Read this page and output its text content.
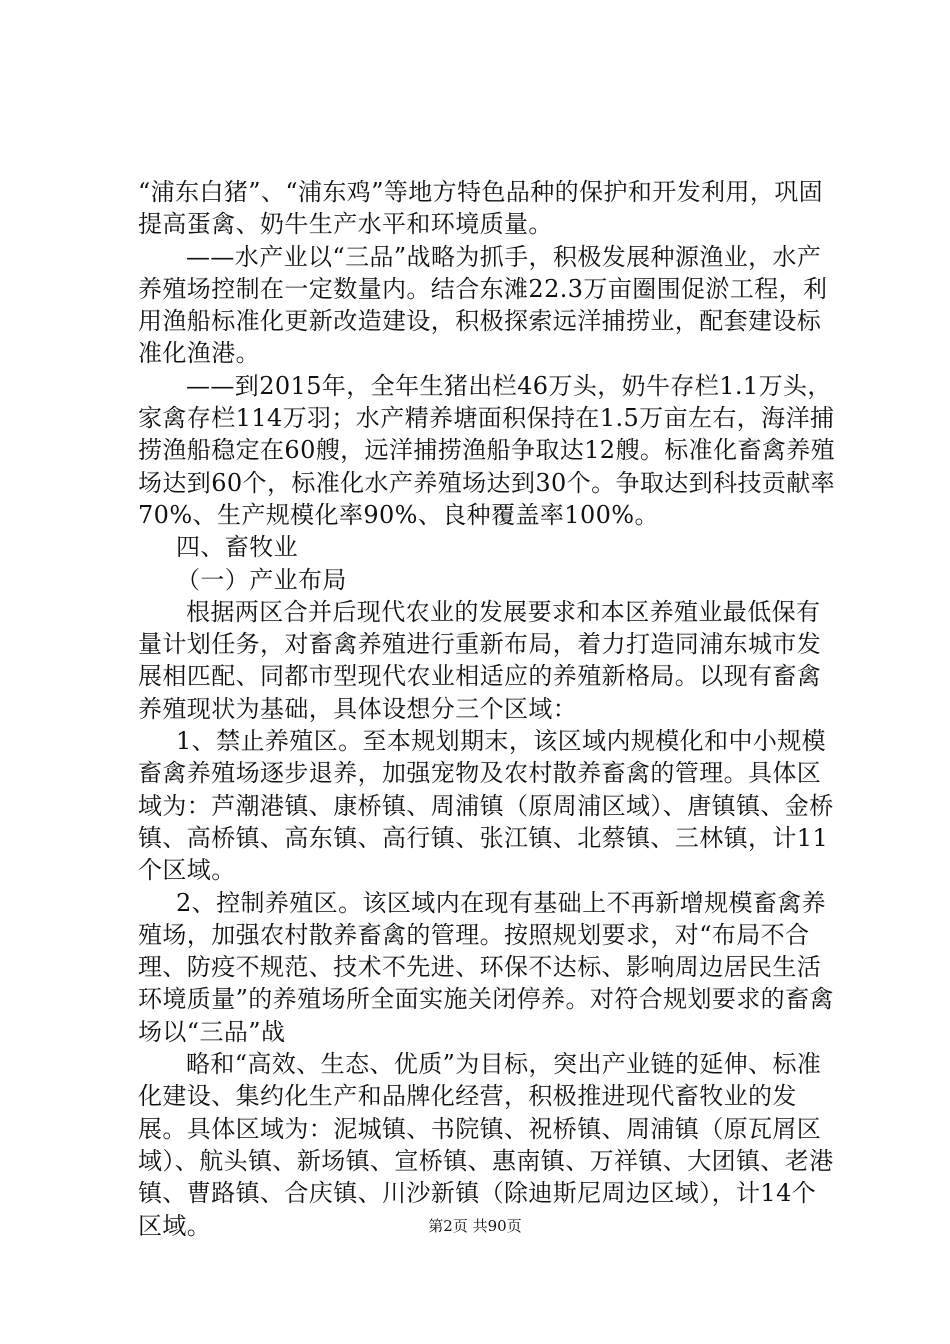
“浦东白猪”、“浦东鸡”等地方特色品种的保护和开发利用，巩固提高蛋禽、奶牛生产水平和环境质量。

——水产业以“三品”战略为抓手，积极发展种源渔业，水产养殖场控制在一定数量内。结合东滩22.3万亩圈围促淤工程，利用渔船标准化更新改造建设，积极探索远洋捕捞业，配套建设标准化渔港。

——到2015年，全年生猪出栏46万头，奶牛存栏1.1万头，家禽存栏114万羽；水产精养塘面积保持在1.5万亩左右，海洋捕捞渔船稳定在60艘，远洋捕捞渔船争取达12艘。标准化畜禽养殖场达到60个，标准化水产养殖场达到30个。争取达到科技贡献率70%、生产规模化率90%、良种覆盖率100%。

四、畜牧业

（一）产业布局

根据两区合并后现代农业的发展要求和本区养殖业最低保有量计划任务，对畜禽养殖进行重新布局，着力打造同浦东城市发展相匹配、同都市型现代农业相适应的养殖新格局。以现有畜禽养殖现状为基础，具体设想分三个区域：

1、禁止养殖区。至本规划期末，该区域内规模化和中小规模畜禽养殖场逐步退养，加强宠物及农村散养畜禽的管理。具体区域为：芦潮港镇、康桥镇、周浦镇（原周浦区域）、唐镇镇、金桥镇、高桥镇、高东镇、高行镇、张江镇、北蔡镇、三林镇，计11个区域。

2、控制养殖区。该区域内在现有基础上不再新增规模畜禽养殖场，加强农村散养畜禽的管理。按照规划要求，对“布局不合理、防疫不规范、技术不先进、环保不达标、影响周边居民生活环境质量”的养殖场所全面实施关闭停养。对符合规划要求的畜禽场以“三品”战

略和“高效、生态、优质”为目标，突出产业链的延伸、标准化建设、集约化生产和品牌化经营，积极推进现代畜牧业的发展。具体区域为：泥城镇、书院镇、祝桥镇、周浦镇（原瓦屑区域）、航头镇、新场镇、宣桥镇、惠南镇、万祥镇、大团镇、老港镇、曹路镇、合庆镇、川沙新镇（除迪斯尼周边区域），计14个区域。	第2页 共90页
